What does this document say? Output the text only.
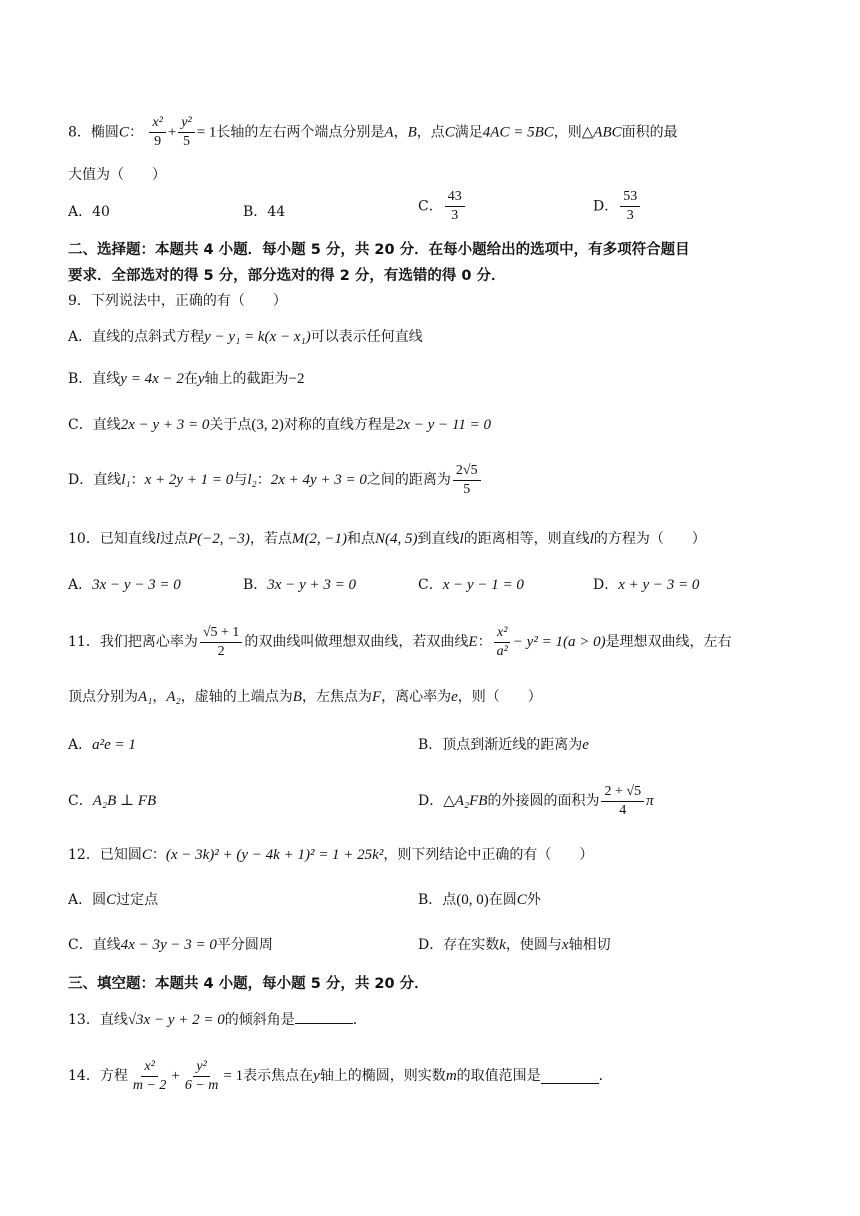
8．椭圆C： $\frac{\text{x²}}{9} + \frac{\text{y²}}{5} = 1$长轴的左右两个端点分别是A，B，点C满足4AC = 5BC，则△ABC面积的最
大值为（　　）
A．40	B．44	C． $\frac{43}{3}$	D． $\frac{53}{3}$
二、选择题：本题共 4 小题．每小题 5 分，共 20 分．在每小题给出的选项中，有多项符合题目
要求．全部选对的得 5 分，部分选对的得 2 分，有选错的得 0 分．
9．下列说法中，正确的有（　　）
A．直线的点斜式方程y − y₁ = k(x − x₁)可以表示任何直线
B．直线y = 4x − 2在y轴上的截距为−2
C．直线2x − y + 3 = 0关于点(3, 2)对称的直线方程是2x − y − 11 = 0
D．直线 l₁ ： x + 2y + 1 = 0 与 l₂ ： 2x + 4y + 3 = 0 之间的距离为 $\frac{2√5}{5}$
10．已知直线l过点P(−2, −3)，若点M(2, −1)和点N(4, 5)到直线l的距离相等，则直线l的方程为（　　）
A．3x − y − 3 = 0	B．3x − y + 3 = 0	C．x − y − 1 = 0	D．x + y − 3 = 0
11．我们把离心率为 $\frac{√5 + 1}{2}$ 的双曲线叫做理想双曲线，若双曲线 E ： $\frac{\text{x²}}{\text{a²}} - y^2 = 1(a > 0)$ 是理想双曲线，左右
顶点分别为A₁，A₂，虚轴的上端点为B，左焦点为F，离心率为e，则（　　）
A．a²e = 1	B．顶点到渐近线的距离为e
C．A₂B ⊥ FB	D． △A₂FB 的外接圆的面积为 $\frac{2 + √5}{4}$ π
12．已知圆C：(x − 3k)² + (y − 4k + 1)² = 1 + 25k²，则下列结论中正确的有（　　）
A．圆C过定点	B．点(0, 0)在圆C外
C．直线4x − 3y − 3 = 0平分圆周	D．存在实数k，使圆与x轴相切
三、填空题：本题共 4 小题，每小题 5 分，共 20 分．
13．直线√3x − y + 2 = 0的倾斜角是	．
14．方程 $\frac{\text{x²}}{m - 2} + \frac{\text{y²}}{6 - m} = 1$ 表示焦点在 y 轴上的椭圆，则实数 m 的取值范围是	．
